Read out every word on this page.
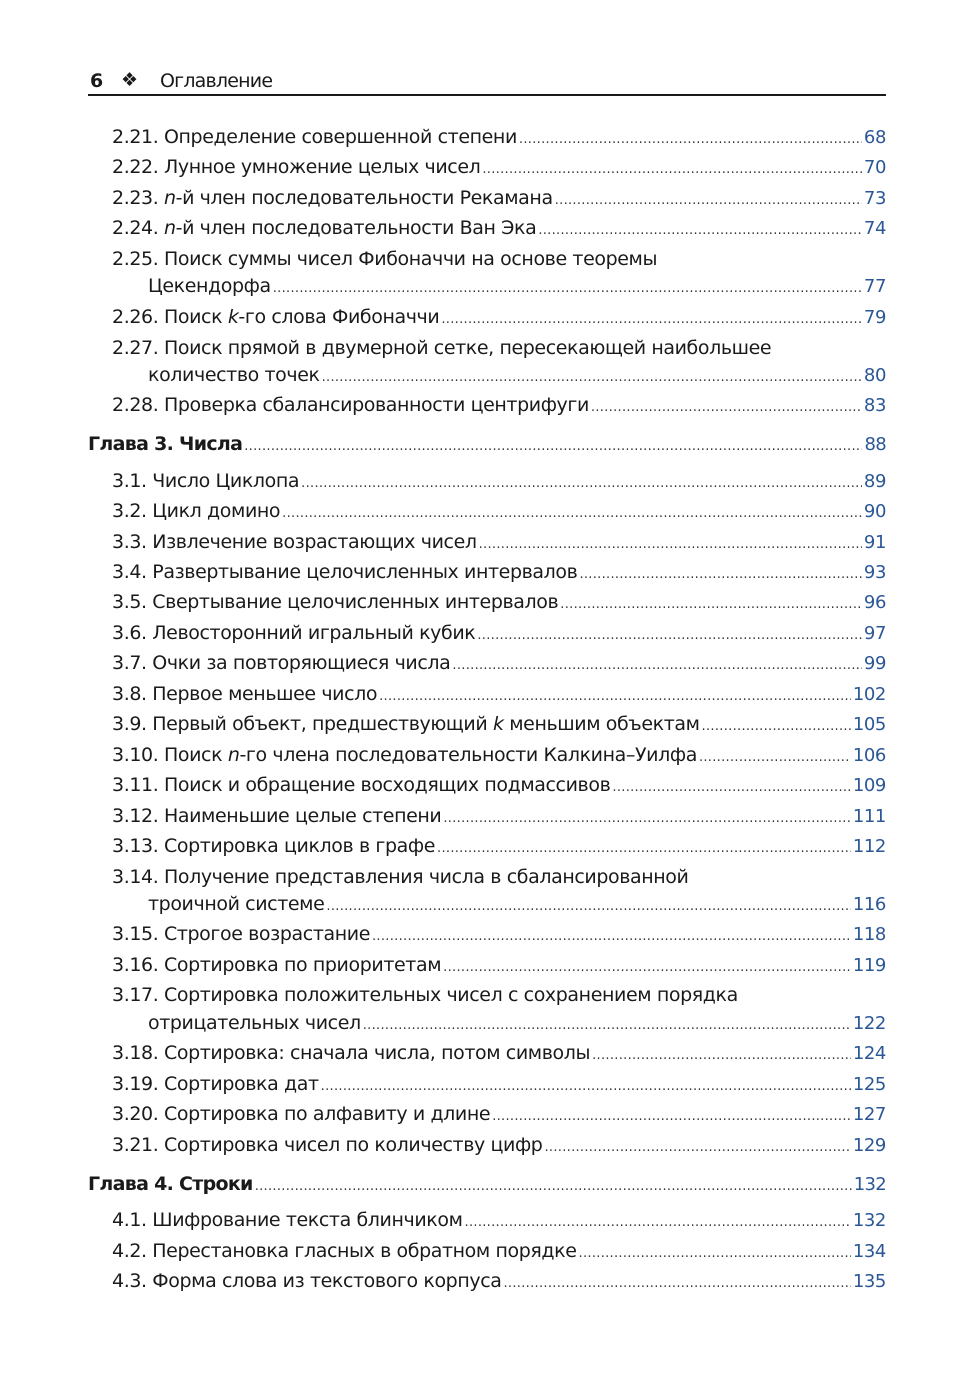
6 ❖ Оглавление
2.21. Определение совершенной степени .....	68
2.22. Лунное умножение целых чисел .....	70
2.23. n-й член последовательности Рекамана .....	73
2.24. n-й член последовательности Ван Эка .....	74
2.25. Поиск суммы чисел Фибоначчи на основе теоремы
Цекендорфа .....	77
2.26. Поиск k-го слова Фибоначчи .....	79
2.27. Поиск прямой в двумерной сетке, пересекающей наибольшее
количество точек .....	80
2.28. Проверка сбалансированности центрифуги .....	83
Глава 3. Числа .....	88
3.1. Число Циклопа .....	89
3.2. Цикл домино .....	90
3.3. Извлечение возрастающих чисел .....	91
3.4. Развертывание целочисленных интервалов .....	93
3.5. Свертывание целочисленных интервалов .....	96
3.6. Левосторонний игральный кубик .....	97
3.7. Очки за повторяющиеся числа .....	99
3.8. Первое меньшее число .....	102
3.9. Первый объект, предшествующий k меньшим объектам .....	105
3.10. Поиск n-го члена последовательности Калкина–Уилфа .....	106
3.11. Поиск и обращение восходящих подмассивов .....	109
3.12. Наименьшие целые степени .....	111
3.13. Сортировка циклов в графе .....	112
3.14. Получение представления числа в сбалансированной
троичной системе .....	116
3.15. Строгое возрастание .....	118
3.16. Сортировка по приоритетам .....	119
3.17. Сортировка положительных чисел с сохранением порядка
отрицательных чисел .....	122
3.18. Сортировка: сначала числа, потом символы .....	124
3.19. Сортировка дат .....	125
3.20. Сортировка по алфавиту и длине .....	127
3.21. Сортировка чисел по количеству цифр .....	129
Глава 4. Строки .....	132
4.1. Шифрование текста блинчиком .....	132
4.2. Перестановка гласных в обратном порядке .....	134
4.3. Форма слова из текстового корпуса .....	135
